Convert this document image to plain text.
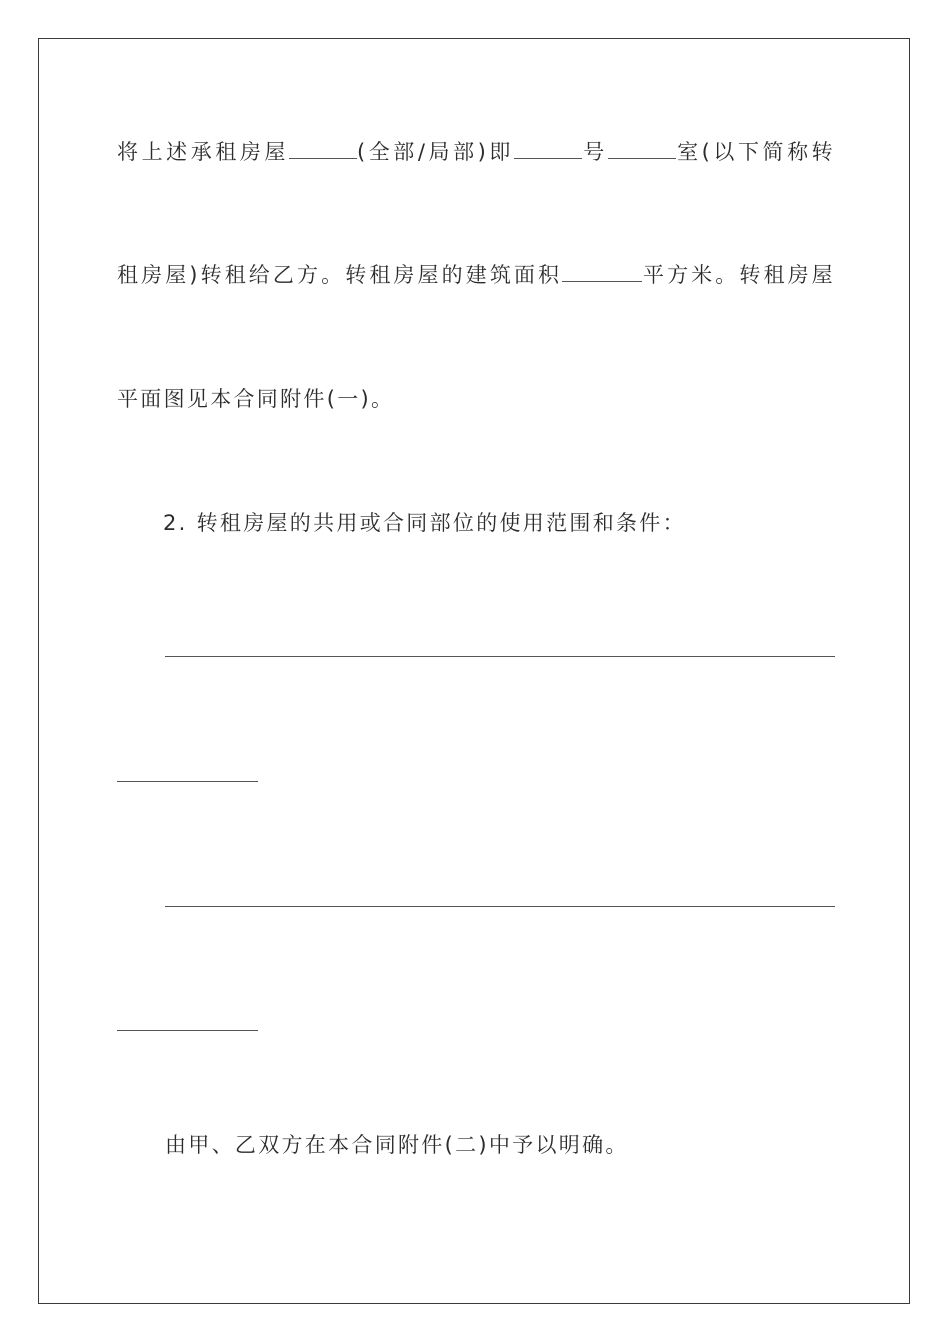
将上述承租房屋	(全部/局部)即	号	室(以下简称转
租房屋)转租给乙方。转租房屋的建筑面积	平方米。转租房屋
平面图见本合同附件(一)。
2. 转租房屋的共用或合同部位的使用范围和条件：
由甲、乙双方在本合同附件(二)中予以明确。
